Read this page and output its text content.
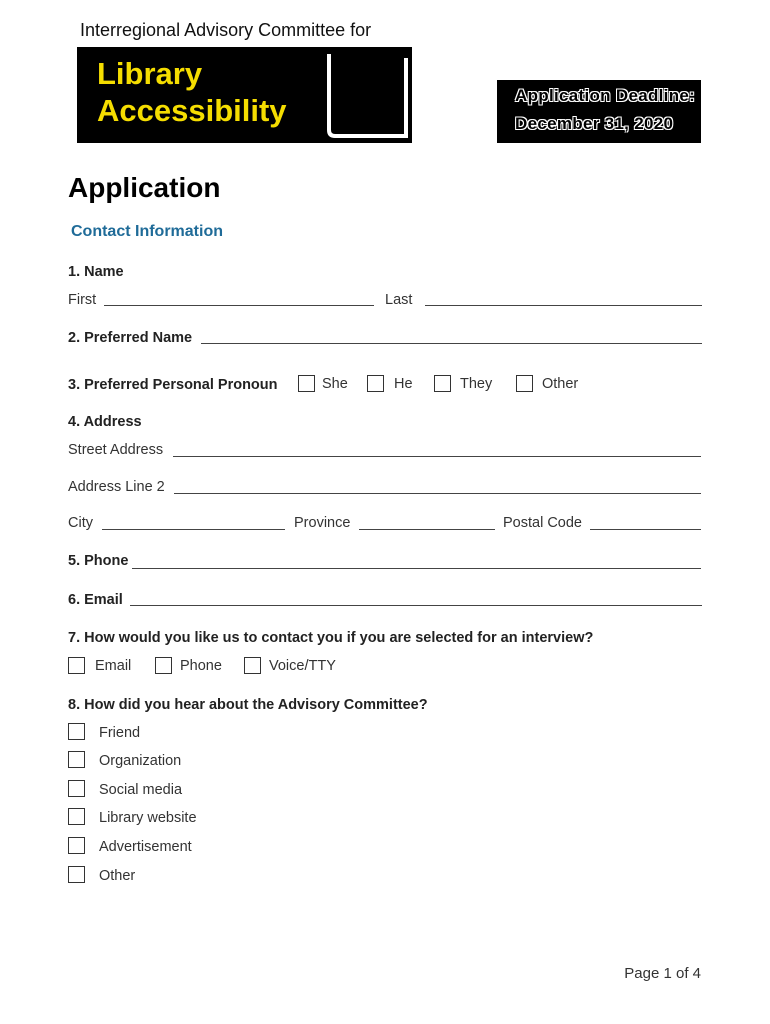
Interregional Advisory Committee for
Library
Accessibility	Application Deadline:
December 31, 2020
Application
Contact Information
1. Name
First	Last
2. Preferred Name
3. Preferred Personal Pronoun	She	He	They	Other
4. Address
Street Address
Address Line 2
City	Province	Postal Code
5. Phone
6. Email
7. How would you like us to contact you if you are selected for an interview?
Email	Phone	Voice/TTY
8. How did you hear about the Advisory Committee?
Friend
Organization
Social media
Library website
Advertisement
Other
Page 1 of 4
